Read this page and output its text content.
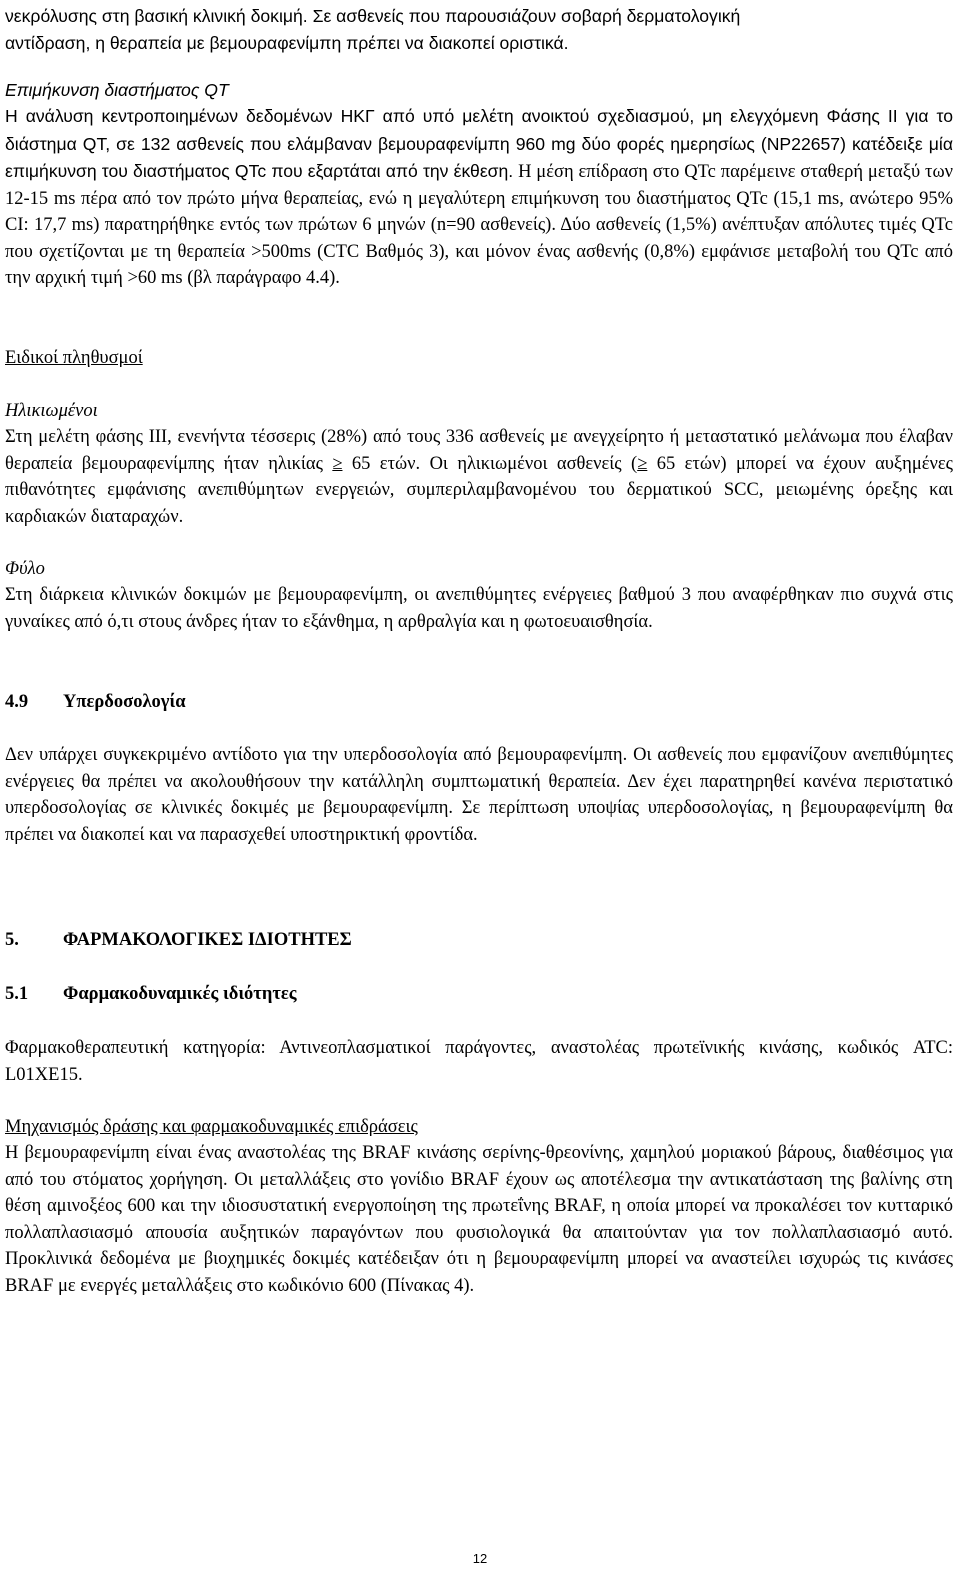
νεκρόλυσης στη βασική κλινική δοκιμή. Σε ασθενείς που παρουσιάζουν σοβαρή δερματολογική
αντίδραση, η θεραπεία με βεμουραφενίμπη πρέπει να διακοπεί οριστικά.

Επιμήκυνση διαστήματος QT

Η ανάλυση κεντροποιημένων δεδομένων ΗΚΓ από υπό μελέτη ανοικτού σχεδιασμού, μη ελεγχόμενη Φάσης ΙΙ για το διάστημα QT, σε 132 ασθενείς που ελάμβαναν βεμουραφενίμπη 960 mg δύο φορές ημερησίως (NP22657) κατέδειξε μία επιμήκυνση του διαστήματος QTc που εξαρτάται από την έκθεση. Η μέση επίδραση στο QTc παρέμεινε σταθερή μεταξύ των 12-15 ms πέρα από τον πρώτο μήνα θεραπείας, ενώ η μεγαλύτερη επιμήκυνση του διαστήματος QTc (15,1 ms, ανώτερο 95% CI: 17,7 ms) παρατηρήθηκε εντός των πρώτων 6 μηνών (n=90 ασθενείς). Δύο ασθενείς (1,5%) ανέπτυξαν απόλυτες τιμές QTc που σχετίζονται με τη θεραπεία >500ms (CTC Βαθμός 3), και μόνον ένας ασθενής (0,8%) εμφάνισε μεταβολή του QTc από την αρχική τιμή >60 ms (βλ παράγραφο 4.4).

Ειδικοί πληθυσμοί

Ηλικιωμένοι

Στη μελέτη φάσης ΙΙΙ, ενενήντα τέσσερις (28%) από τους 336 ασθενείς με ανεγχείρητο ή μεταστατικό μελάνωμα που έλαβαν θεραπεία βεμουραφενίμπης ήταν ηλικίας ≥ 65 ετών. Οι ηλικιωμένοι ασθενείς (≥ 65 ετών) μπορεί να έχουν αυξημένες πιθανότητες εμφάνισης ανεπιθύμητων ενεργειών, συμπεριλαμβανομένου του δερματικού SCC, μειωμένης όρεξης και καρδιακών διαταραχών.

Φύλο

Στη διάρκεια κλινικών δοκιμών με βεμουραφενίμπη, οι ανεπιθύμητες ενέργειες βαθμού 3 που αναφέρθηκαν πιο συχνά στις γυναίκες από ό,τι στους άνδρες ήταν το εξάνθημα, η αρθραλγία και η φωτοευαισθησία.

4.9 Υπερδοσολογία

Δεν υπάρχει συγκεκριμένο αντίδοτο για την υπερδοσολογία από βεμουραφενίμπη. Οι ασθενείς που εμφανίζουν ανεπιθύμητες ενέργειες θα πρέπει να ακολουθήσουν την κατάλληλη συμπτωματική θεραπεία. Δεν έχει παρατηρηθεί κανένα περιστατικό υπερδοσολογίας σε κλινικές δοκιμές με βεμουραφενίμπη. Σε περίπτωση υποψίας υπερδοσολογίας, η βεμουραφενίμπη θα πρέπει να διακοπεί και να παρασχεθεί υποστηρικτική φροντίδα.

5. ΦΑΡΜΑΚΟΛΟΓΙΚΕΣ ΙΔΙΟΤΗΤΕΣ

5.1 Φαρμακοδυναμικές ιδιότητες

Φαρμακοθεραπευτική κατηγορία: Αντινεοπλασματικοί παράγοντες, αναστολέας πρωτεϊνικής κινάσης, κωδικός ATC: L01XE15.

Μηχανισμός δράσης και φαρμακοδυναμικές επιδράσεις

Η βεμουραφενίμπη είναι ένας αναστολέας της BRAF κινάσης σερίνης-θρεονίνης, χαμηλού μοριακού βάρους, διαθέσιμος για από του στόματος χορήγηση. Οι μεταλλάξεις στο γονίδιο BRAF έχουν ως αποτέλεσμα την αντικατάσταση της βαλίνης στη θέση αμινοξέος 600 και την ιδιοσυστατική ενεργοποίηση της πρωτεΐνης BRAF, η οποία μπορεί να προκαλέσει τον κυτταρικό πολλαπλασιασμό απουσία αυξητικών παραγόντων που φυσιολογικά θα απαιτούνταν για τον πολλαπλασιασμό αυτό. Προκλινικά δεδομένα με βιοχημικές δοκιμές κατέδειξαν ότι η βεμουραφενίμπη μπορεί να αναστείλει ισχυρώς τις κινάσες BRAF με ενεργές μεταλλάξεις στο κωδικόνιο 600 (Πίνακας 4).

12
